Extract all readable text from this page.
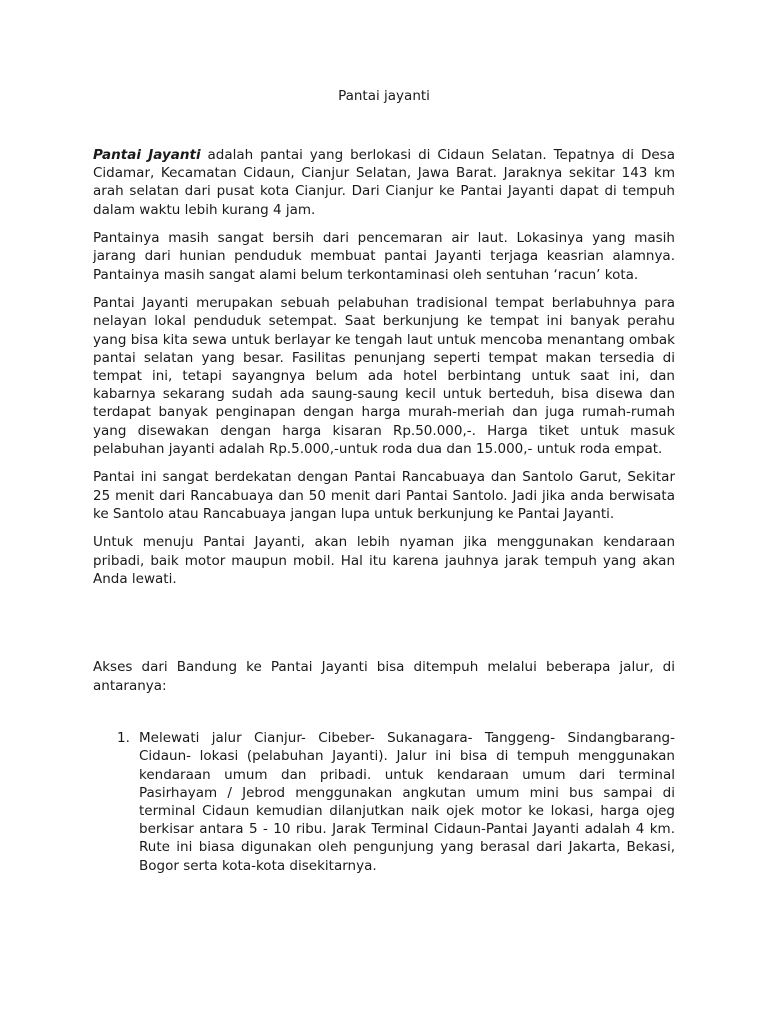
Pantai jayanti

Pantai Jayanti adalah pantai yang berlokasi di Cidaun Selatan. Tepatnya di Desa Cidamar, Kecamatan Cidaun, Cianjur Selatan, Jawa Barat. Jaraknya sekitar 143 km arah selatan dari pusat kota Cianjur. Dari Cianjur ke Pantai Jayanti dapat di tempuh dalam waktu lebih kurang 4 jam.

Pantainya masih sangat bersih dari pencemaran air laut. Lokasinya yang masih jarang dari hunian penduduk membuat pantai Jayanti terjaga keasrian alamnya. Pantainya masih sangat alami belum terkontaminasi oleh sentuhan ‘racun’ kota.

Pantai Jayanti merupakan sebuah pelabuhan tradisional tempat berlabuhnya para nelayan lokal penduduk setempat. Saat berkunjung ke tempat ini banyak perahu yang bisa kita sewa untuk berlayar ke tengah laut untuk mencoba menantang ombak pantai selatan yang besar. Fasilitas penunjang seperti tempat makan tersedia di tempat ini, tetapi sayangnya belum ada hotel berbintang untuk saat ini, dan kabarnya sekarang sudah ada saung-saung kecil untuk berteduh, bisa disewa dan terdapat banyak penginapan dengan harga murah-meriah dan juga rumah-rumah yang disewakan dengan harga kisaran Rp.50.000,-. Harga tiket untuk masuk pelabuhan jayanti adalah Rp.5.000,-untuk roda dua dan 15.000,- untuk roda empat.

Pantai ini sangat berdekatan dengan Pantai Rancabuaya dan Santolo Garut, Sekitar 25 menit dari Rancabuaya dan 50 menit dari Pantai Santolo. Jadi jika anda berwisata ke Santolo atau Rancabuaya jangan lupa untuk berkunjung ke Pantai Jayanti.

Untuk menuju Pantai Jayanti, akan lebih nyaman jika menggunakan kendaraan pribadi, baik motor maupun mobil. Hal itu karena jauhnya jarak tempuh yang akan Anda lewati.

Akses dari Bandung ke Pantai Jayanti bisa ditempuh melalui beberapa jalur, di antaranya:

1. Melewati jalur Cianjur- Cibeber- Sukanagara- Tanggeng- Sindangbarang-Cidaun- lokasi (pelabuhan Jayanti). Jalur ini bisa di tempuh menggunakan kendaraan umum dan pribadi. untuk kendaraan umum dari terminal Pasirhayam / Jebrod menggunakan angkutan umum mini bus sampai di terminal Cidaun kemudian dilanjutkan naik ojek motor ke lokasi, harga ojeg berkisar antara 5 - 10 ribu. Jarak Terminal Cidaun-Pantai Jayanti adalah 4 km. Rute ini biasa digunakan oleh pengunjung yang berasal dari Jakarta, Bekasi, Bogor serta kota-kota disekitarnya.
